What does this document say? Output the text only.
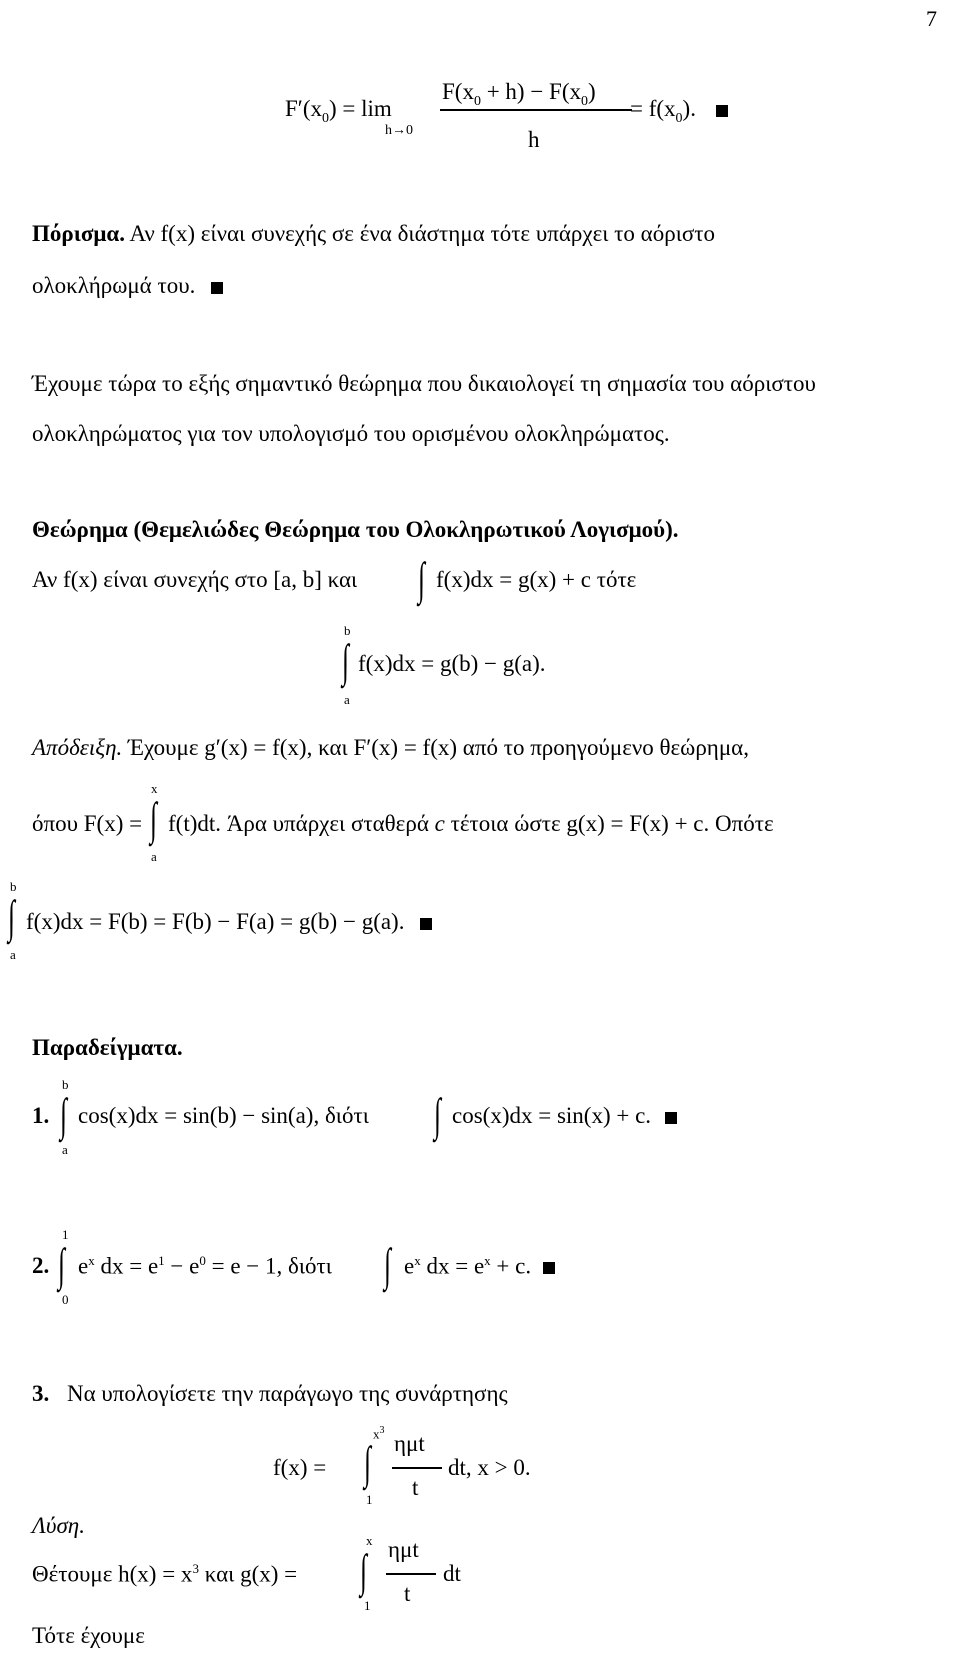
7
$F'(x_0) = \lim$
h→0
$F(x_0 + h) - F(x_0)$
h
= $f(x_0)$.
Πόρισμα. Αν f(x) είναι συνεχής σε ένα διάστημα τότε υπάρχει το αόριστο
ολοκλήρωμά του.
Έχουμε τώρα το εξής σημαντικό θεώρημα που δικαιολογεί τη σημασία του αόριστου
ολοκληρώματος για τον υπολογισμό του ορισμένου ολοκληρώματος.
Θεώρημα (Θεμελιώδες Θεώρημα του Ολοκληρωτικού Λογισμού).
Αν f(x) είναι συνεχής στο [a, b] και ∫ f(x)dx = g(x) + c τότε
b
∫
a
f(x)dx = g(b) − g(a).
Απόδειξη. Έχουμε g′(x) = f(x), και F′(x) = f(x) από το προηγούμενο θεώρημα,
x
∫
a
όπου F(x) = f(t)dt. Άρα υπάρχει σταθερά c τέτοια ώστε g(x) = F(x) + c. Οπότε
b
∫
a
f(x)dx = F(b) = F(b) − F(a) = g(b) − g(a).
Παραδείγματα.
1.
b
∫
a
cos(x)dx = sin(b) − sin(a), διότι ∫ cos(x)dx = sin(x) + c.
2.
1
∫
0
$e^x$ dx = $e^1 - e^0 = e - 1$, διότι ∫ $e^x$ dx = $e^x + c$.
3. Να υπολογίσετε την παράγωγο της συνάρτησης
f(x) =
$x^3$
∫
1
ημt
t
dt, x > 0.
Λύση.
Θέτουμε $h(x) = x^3$ και g(x) =
x
∫
1
ημt
t
dt
Τότε έχουμε
